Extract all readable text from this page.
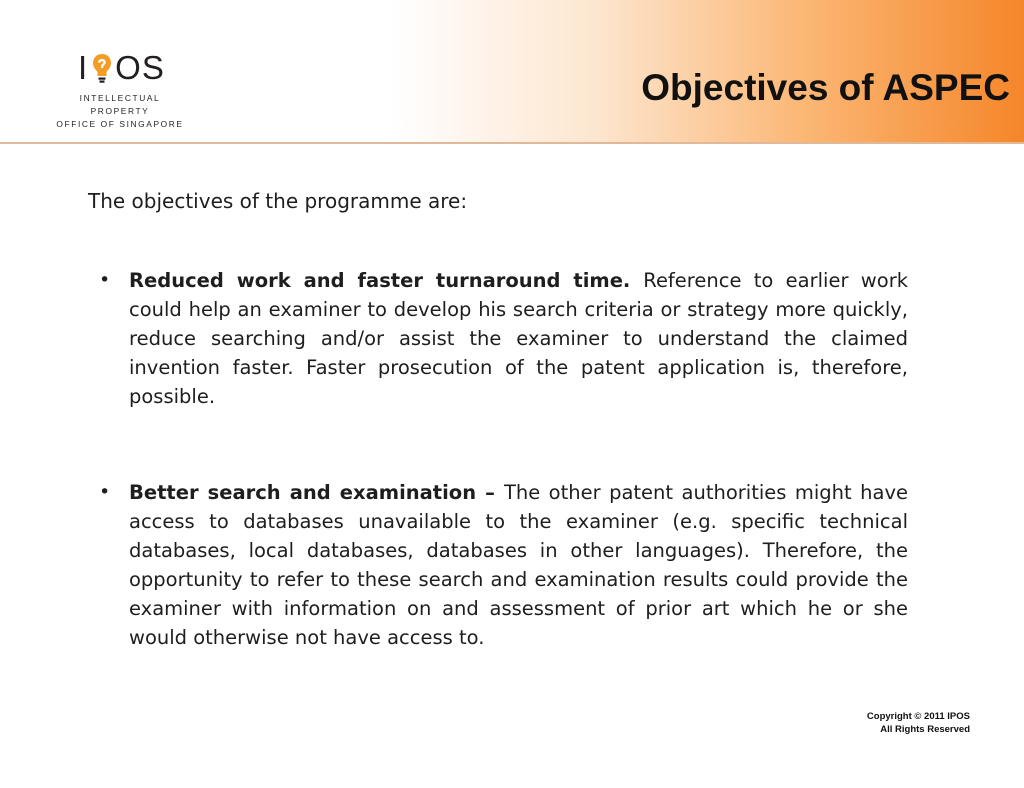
I OS
INTELLECTUAL PROPERTY
OFFICE OF SINGAPORE
Objectives of ASPEC

The objectives of the programme are:

• Reduced work and faster turnaround time. Reference to earlier work could help an examiner to develop his search criteria or strategy more quickly, reduce searching and/or assist the examiner to understand the claimed invention faster. Faster prosecution of the patent application is, therefore, possible.
• Better search and examination – The other patent authorities might have access to databases unavailable to the examiner (e.g. specific technical databases, local databases, databases in other languages). Therefore, the opportunity to refer to these search and examination results could provide the examiner with information on and assessment of prior art which he or she would otherwise not have access to.
Copyright © 2011 IPOS
All Rights Reserved
